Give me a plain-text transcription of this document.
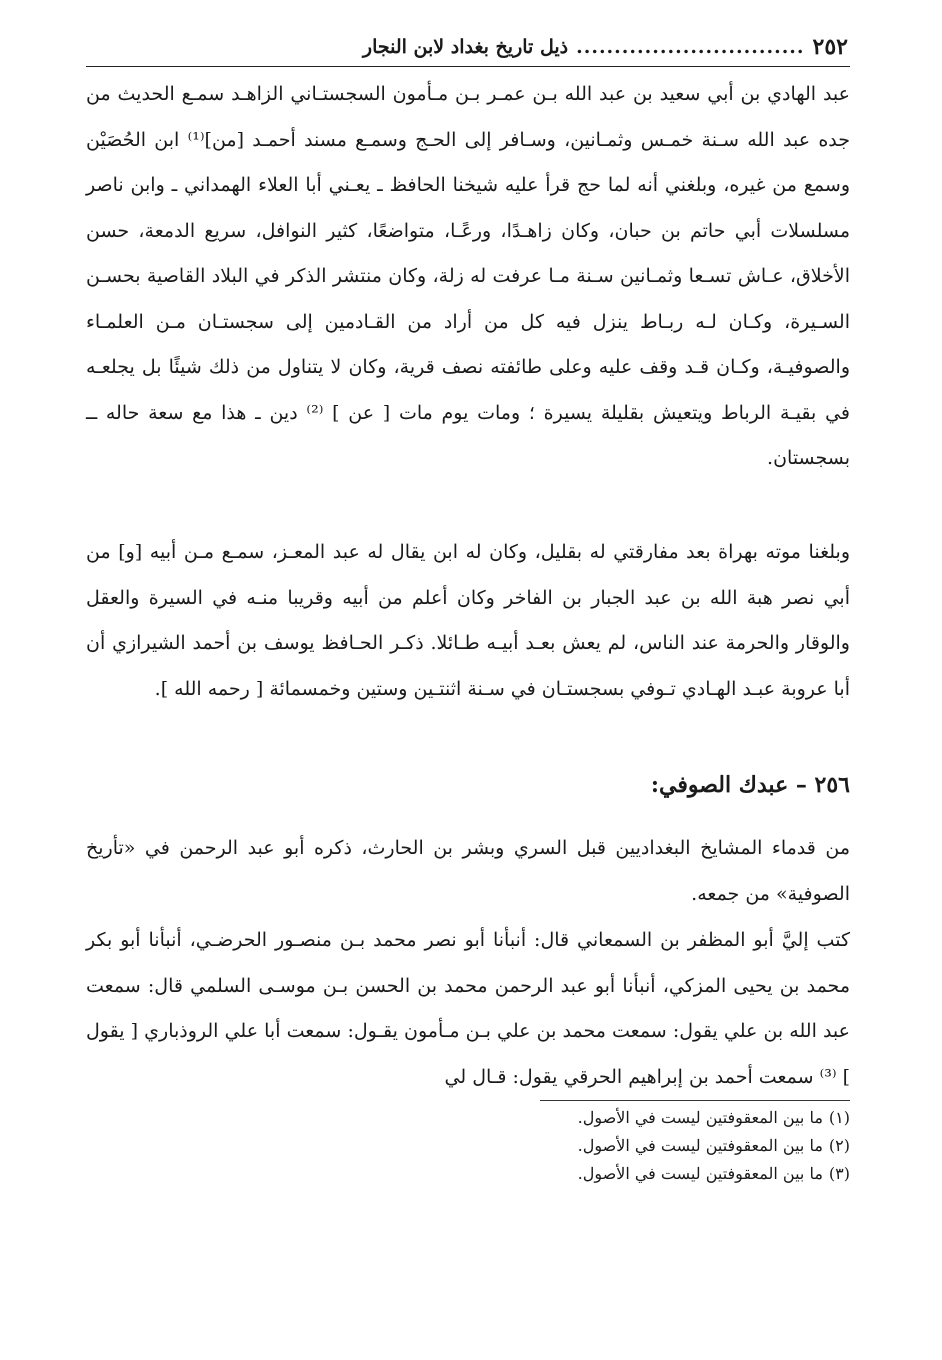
٢٥٢
..............................
ذيل تاريخ بغداد لابن النجار

عبد الهادي بن أبي سعيد بن عبد الله بـن عمـر بـن مـأمون السجستـاني الزاهـد سمـع الحديث من جده عبد الله سـنة خمـس وثمـانين، وسـافر إلى الحـج وسمـع مسند أحمـد [من]⁽¹⁾ ابن الحُصَيْن وسمع من غيره، وبلغني أنه لما حج قرأ عليه شيخنا الحافظ ـ يعـني أبا العلاء الهمداني ـ وابن ناصر مسلسلات أبي حاتم بن حبان، وكان زاهـدًا، ورعًـا، متواضعًا، كثير النوافل، سريع الدمعة، حسن الأخلاق، عـاش تسـعا وثمـانين سـنة مـا عرفت له زلة، وكان منتشر الذكر في البلاد القاصية بحسـن السـيرة، وكـان لـه ربـاط ينزل فيه كل من أراد من القـادمين إلى سجستـان مـن العلمـاء والصوفيـة، وكـان قـد وقف عليه وعلى طائفته نصف قرية، وكان لا يتناول من ذلك شيئًا بل يجلعـه في بقيـة الرباط ويتعيش بقليلة يسيرة ؛ ومات يوم مات [ عن ] ⁽²⁾ دين ـ هذا مع سعة حاله ــ بسجستان.

وبلغنا موته بهراة بعد مفارقتي له بقليل، وكان له ابن يقال له عبد المعـز، سمـع مـن أبيه [و] من أبي نصر هبة الله بن عبد الجبار بن الفاخر وكان أعلم من أبيه وقريبا منـه في السيرة والعقل والوقار والحرمة عند الناس، لم يعش بعـد أبيـه طـائلا. ذكـر الحـافظ يوسف بن أحمد الشيرازي أن أبا عروبة عبـد الهـادي تـوفي بسجستـان في سـنة اثنتـين وستين وخمسمائة [ رحمه الله ].

٢٥٦ – عبدك الصوفي:

من قدماء المشايخ البغداديين قبل السري وبشر بن الحارث، ذكره أبو عبد الرحمن في «تأريخ الصوفية» من جمعه.

كتب إليَّ أبو المظفر بن السمعاني قال: أنبأنا أبو نصر محمد بـن منصـور الحرضـي، أنبأنا أبو بكر محمد بن يحيى المزكي، أنبأنا أبو عبد الرحمن محمد بن الحسن بـن موسـى السلمي قال: سمعت عبد الله بن علي يقول: سمعت محمد بن علي بـن مـأمون يقـول: سمعت أبا علي الروذباري [ يقول ] ⁽³⁾ سمعت أحمد بن إبراهيم الحرقي يقول: قـال لي

(١)ما بين المعقوفتين ليست في الأصول.
(٢)ما بين المعقوفتين ليست في الأصول.
(٣)ما بين المعقوفتين ليست في الأصول.
